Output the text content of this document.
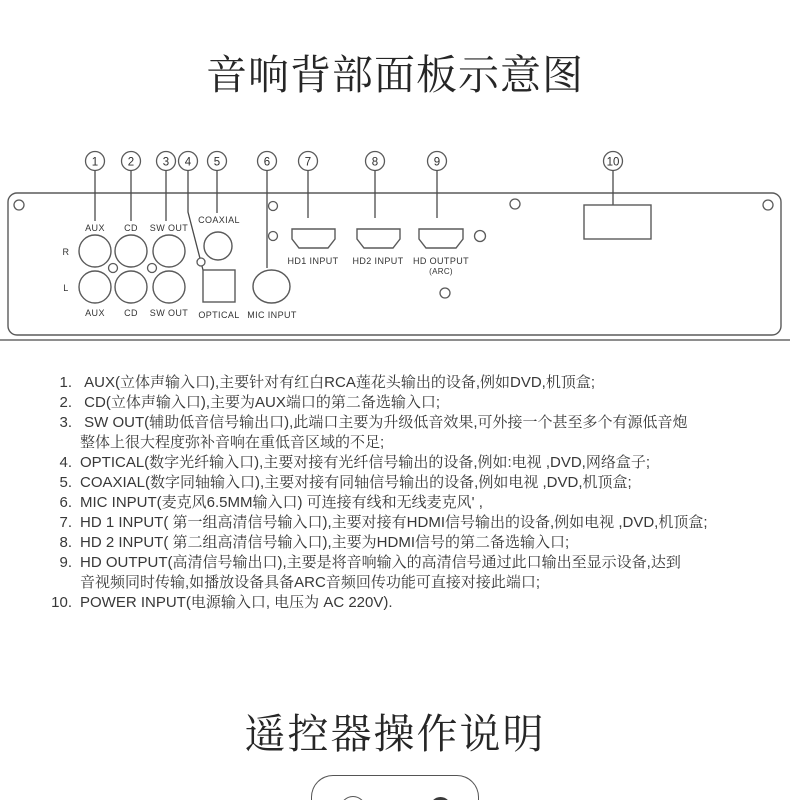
音响背部面板示意图
1	2 3 4 5	6	7	8	9	10
AUX CD SW OUT
R
L
AUX CD SW OUT
COAXIAL
OPTICAL MIC INPUT
HD1 INPUT HD2 INPUT HD OUTPUT
(ARC)
1. AUX(立体声输入口),主要针对有红白RCA莲花头输出的设备,例如DVD,机顶盒;
2. CD(立体声输入口),主要为AUX端口的第二备选输入口;
3. SW OUT(辅助低音信号输出口),此端口主要为升级低音效果,可外接一个甚至多个有源低音炮
整体上很大程度弥补音响在重低音区域的不足;
4. OPTICAL(数字光纤输入口),主要对接有光纤信号输出的设备,例如:电视 ,DVD,网络盒子;
5. COAXIAL(数字同轴输入口),主要对接有同轴信号输出的设备,例如电视 ,DVD,机顶盒;
6. MIC INPUT(麦克风6.5MM输入口) 可连接有线和无线麦克风' ,
7. HD 1 INPUT( 第一组高清信号输入口),主要对接有HDMI信号输出的设备,例如电视 ,DVD,机顶盒;
8. HD 2 INPUT( 第二组高清信号输入口),主要为HDMI信号的第二备选输入口;
9. HD OUTPUT(高清信号输出口),主要是将音响输入的高清信号通过此口输出至显示设备,达到
音视频同时传输,如播放设备具备ARC音频回传功能可直接对接此端口;
10. POWER INPUT(电源输入口, 电压为 AC 220V).
遥控器操作说明
